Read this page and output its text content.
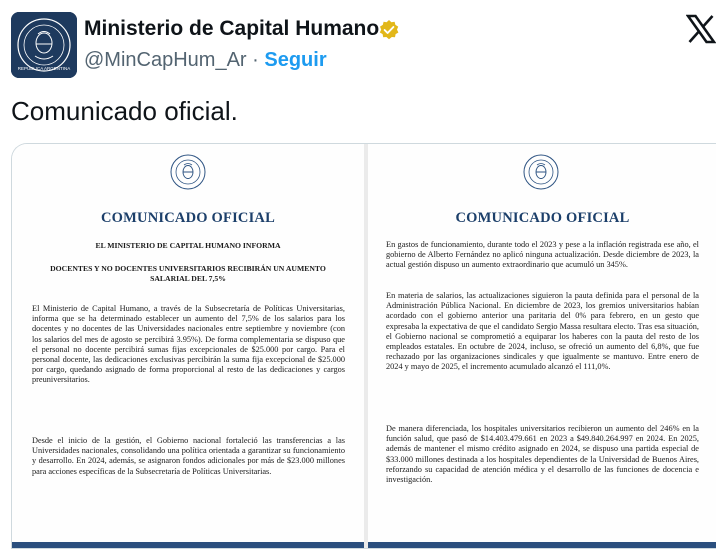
REPÚBLICA ARGENTINA
Ministerio de Capital Humano
@MinCapHum_Ar · Seguir
Comunicado oficial.
COMUNICADO OFICIAL
EL MINISTERIO DE CAPITAL HUMANO INFORMA
DOCENTES Y NO DOCENTES UNIVERSITARIOS RECIBIRÁN UN AUMENTO SALARIAL DEL 7,5%
El Ministerio de Capital Humano, a través de la Subsecretaría de Políticas Universitarias, informa que se ha determinado establecer un aumento del 7,5% de los salarios para los docentes y no docentes de las Universidades nacionales entre septiembre y noviembre (con los salarios del mes de agosto se percibirá 3.95%). De forma complementaria se dispuso que el personal no docente percibirá sumas fijas excepcionales de $25.000 por cargo. Para el personal docente, las dedicaciones exclusivas percibirán la suma fija excepcional de $25.000 por cargo, quedando asignado de forma proporcional al resto de las dedicaciones y cargos preuniversitarios.
Desde el inicio de la gestión, el Gobierno nacional fortaleció las transferencias a las Universidades nacionales, consolidando una política orientada a garantizar su funcionamiento y desarrollo. En 2024, además, se asignaron fondos adicionales por más de $23.000 millones para acciones específicas de la Subsecretaría de Políticas Universitarias.
COMUNICADO OFICIAL
En gastos de funcionamiento, durante todo el 2023 y pese a la inflación registrada ese año, el gobierno de Alberto Fernández no aplicó ninguna actualización. Desde diciembre de 2023, la actual gestión dispuso un aumento extraordinario que acumuló un 345%.
En materia de salarios, las actualizaciones siguieron la pauta definida para el personal de la Administración Pública Nacional. En diciembre de 2023, los gremios universitarios habían acordado con el gobierno anterior una paritaria del 0% para febrero, en un gesto que expresaba la expectativa de que el candidato Sergio Massa resultara electo. Tras esa situación, el Gobierno nacional se comprometió a equiparar los haberes con la pauta del resto de los empleados estatales. En octubre de 2024, incluso, se ofreció un aumento del 6,8%, que fue rechazado por las organizaciones sindicales y que igualmente se mantuvo. Entre enero de 2024 y mayo de 2025, el incremento acumulado alcanzó el 111,0%.
De manera diferenciada, los hospitales universitarios recibieron un aumento del 246% en la función salud, que pasó de $14.403.479.661 en 2023 a $49.840.264.997 en 2024. En 2025, además de mantener el mismo crédito asignado en 2024, se dispuso una partida especial de $33.000 millones destinada a los hospitales dependientes de la Universidad de Buenos Aires, reforzando su capacidad de atención médica y el desarrollo de las funciones de docencia e investigación.
